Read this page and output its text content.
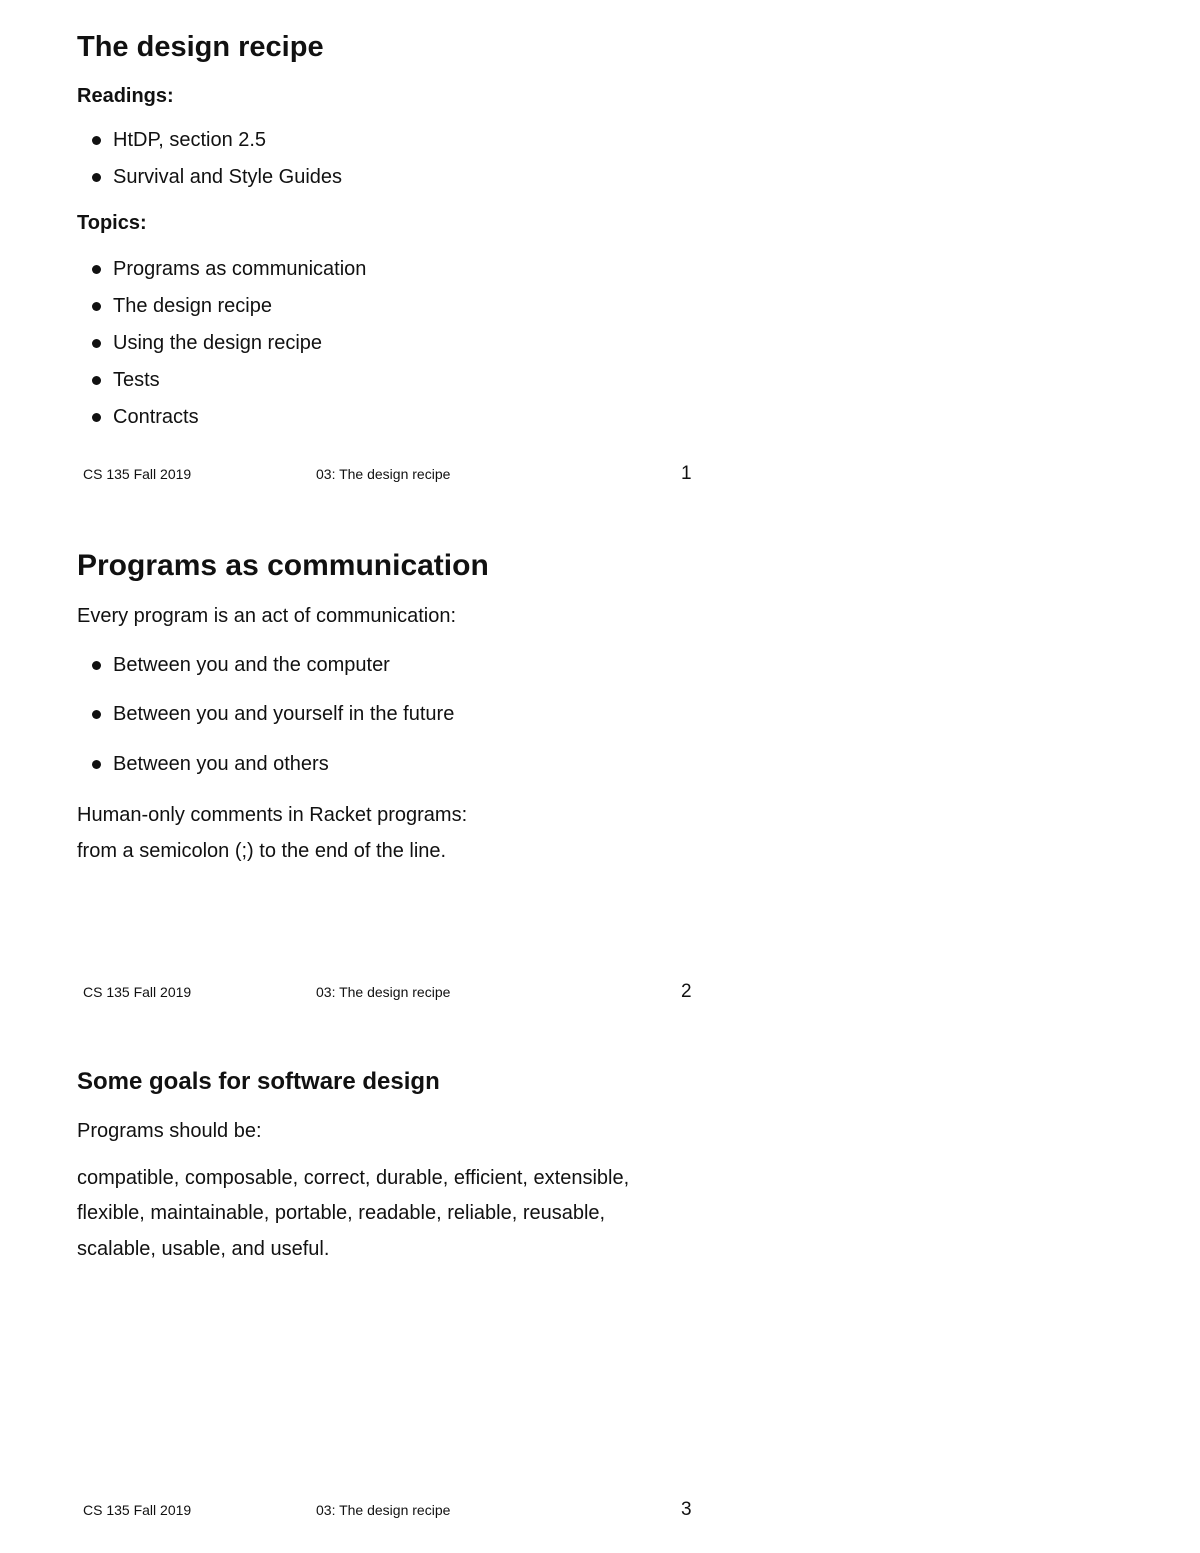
The design recipe
Readings:
HtDP, section 2.5
Survival and Style Guides
Topics:
Programs as communication
The design recipe
Using the design recipe
Tests
Contracts
CS 135 Fall 2019	03: The design recipe	1
Programs as communication

Every program is an act of communication:

Between you and the computer
Between you and yourself in the future
Between you and others

Human-only comments in Racket programs:

from a semicolon (;) to the end of the line.

CS 135 Fall 2019	03: The design recipe	2
Some goals for software design

Programs should be:

compatible, composable, correct, durable, efficient, extensible,

flexible, maintainable, portable, readable, reliable, reusable,

scalable, usable, and useful.

CS 135 Fall 2019	03: The design recipe	3
